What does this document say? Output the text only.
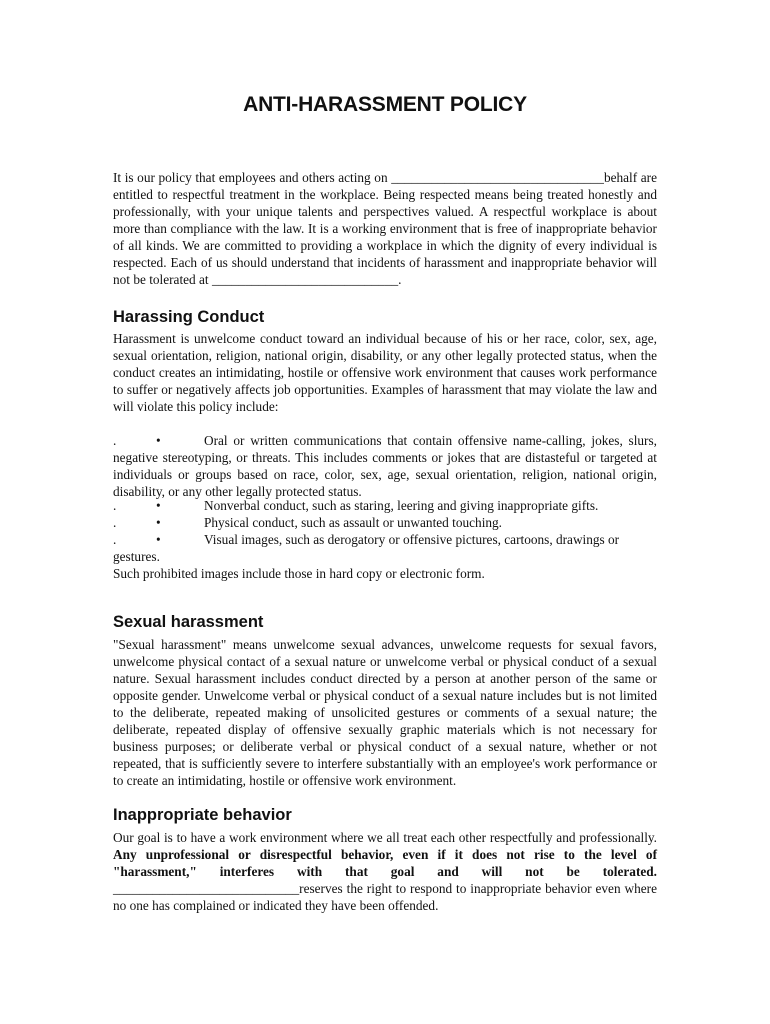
ANTI-HARASSMENT POLICY

It is our policy that employees and others acting on ________________________________behalf are entitled to respectful treatment in the workplace. Being respected means being treated honestly and professionally, with your unique talents and perspectives valued. A respectful workplace is about more than compliance with the law. It is a working environment that is free of inappropriate behavior of all kinds. We are committed to providing a workplace in which the dignity of every individual is respected. Each of us should understand that incidents of harassment and inappropriate behavior will not be tolerated at ____________________________.

Harassing Conduct

Harassment is unwelcome conduct toward an individual because of his or her race, color, sex, age, sexual orientation, religion, national origin, disability, or any other legally protected status, when the conduct creates an intimidating, hostile or offensive work environment that causes work performance to suffer or negatively affects job opportunities. Examples of harassment that may violate the law and will violate this policy include:

.	•	Oral or written communications that contain offensive name-calling, jokes, slurs, negative stereotyping, or threats. This includes comments or jokes that are distasteful or targeted at individuals or groups based on race, color, sex, age, sexual orientation, religion, national origin, disability, or any other legally protected status.
.	•	Nonverbal conduct, such as staring, leering and giving inappropriate gifts.
.	•	Physical conduct, such as assault or unwanted touching.
.	•	Visual images, such as derogatory or offensive pictures, cartoons, drawings or
gestures.
Such prohibited images include those in hard copy or electronic form.
Sexual harassment

"Sexual harassment" means unwelcome sexual advances, unwelcome requests for sexual favors, unwelcome physical contact of a sexual nature or unwelcome verbal or physical conduct of a sexual nature. Sexual harassment includes conduct directed by a person at another person of the same or opposite gender. Unwelcome verbal or physical conduct of a sexual nature includes but is not limited to the deliberate, repeated making of unsolicited gestures or comments of a sexual nature; the deliberate, repeated display of offensive sexually graphic materials which is not necessary for business purposes; or deliberate verbal or physical conduct of a sexual nature, whether or not repeated, that is sufficiently severe to interfere substantially with an employee's work performance or to create an intimidating, hostile or offensive work environment.

Inappropriate behavior

Our goal is to have a work environment where we all treat each other respectfully and professionally. Any unprofessional or disrespectful behavior, even if it does not rise to the level of "harassment," interferes with that goal and will not be tolerated. ____________________________reserves the right to respond to inappropriate behavior even where no one has complained or indicated they have been offended.
